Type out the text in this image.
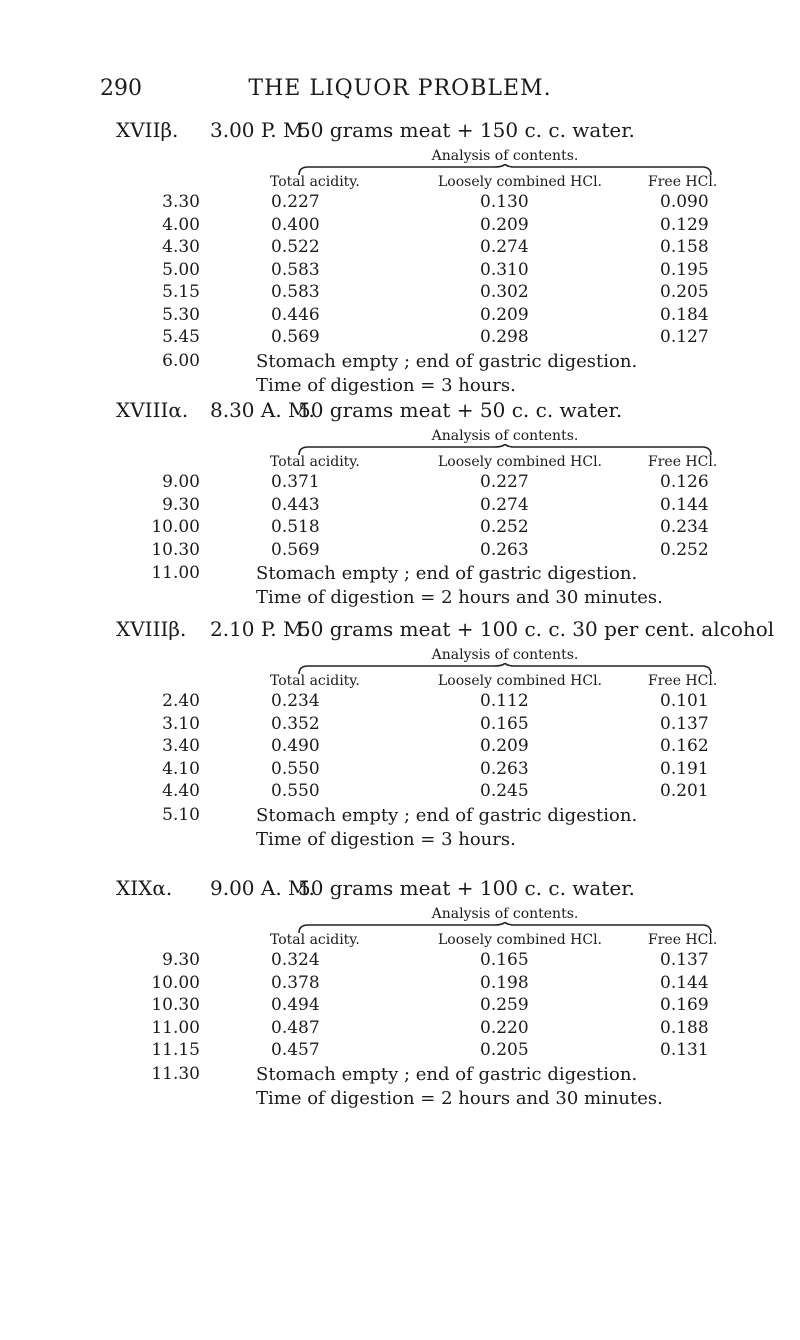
290	THE LIQUOR PROBLEM.
XVIIβ. 3.00 P. M.
50 grams meat + 150 c. c. water.
Analysis of contents.
Total acidity.	Loosely combined HCl.	Free HCl.
3.30	0.227	0.130	0.090
4.00	0.400	0.209	0.129
4.30	0.522	0.274	0.158
5.00	0.583	0.310	0.195
5.15	0.583	0.302	0.205
5.30	0.446	0.209	0.184
5.45	0.569	0.298	0.127
6.00	Stomach empty ; end of gastric digestion.
Time of digestion = 3 hours.
XVIIIα. 8.30 A. M.
50 grams meat + 50 c. c. water.
Analysis of contents.
Total acidity.	Loosely combined HCl.	Free HCl.
9.00	0.371	0.227	0.126
9.30	0.443	0.274	0.144
10.00	0.518	0.252	0.234
10.30	0.569	0.263	0.252
11.00	Stomach empty ; end of gastric digestion.
Time of digestion = 2 hours and 30 minutes.
XVIIIβ. 2.10 P. M.
50 grams meat + 100 c. c. 30 per cent. alcohol
Analysis of contents.
Total acidity.	Loosely combined HCl.	Free HCl.
2.40	0.234	0.112	0.101
3.10	0.352	0.165	0.137
3.40	0.490	0.209	0.162
4.10	0.550	0.263	0.191
4.40	0.550	0.245	0.201
5.10	Stomach empty ; end of gastric digestion.
Time of digestion = 3 hours.
XIXα. 9.00 A. M.
50 grams meat + 100 c. c. water.
Analysis of contents.
Total acidity.	Loosely combined HCl.	Free HCl.
9.30	0.324	0.165	0.137
10.00	0.378	0.198	0.144
10.30	0.494	0.259	0.169
11.00	0.487	0.220	0.188
11.15	0.457	0.205	0.131
11.30	Stomach empty ; end of gastric digestion.
Time of digestion = 2 hours and 30 minutes.
